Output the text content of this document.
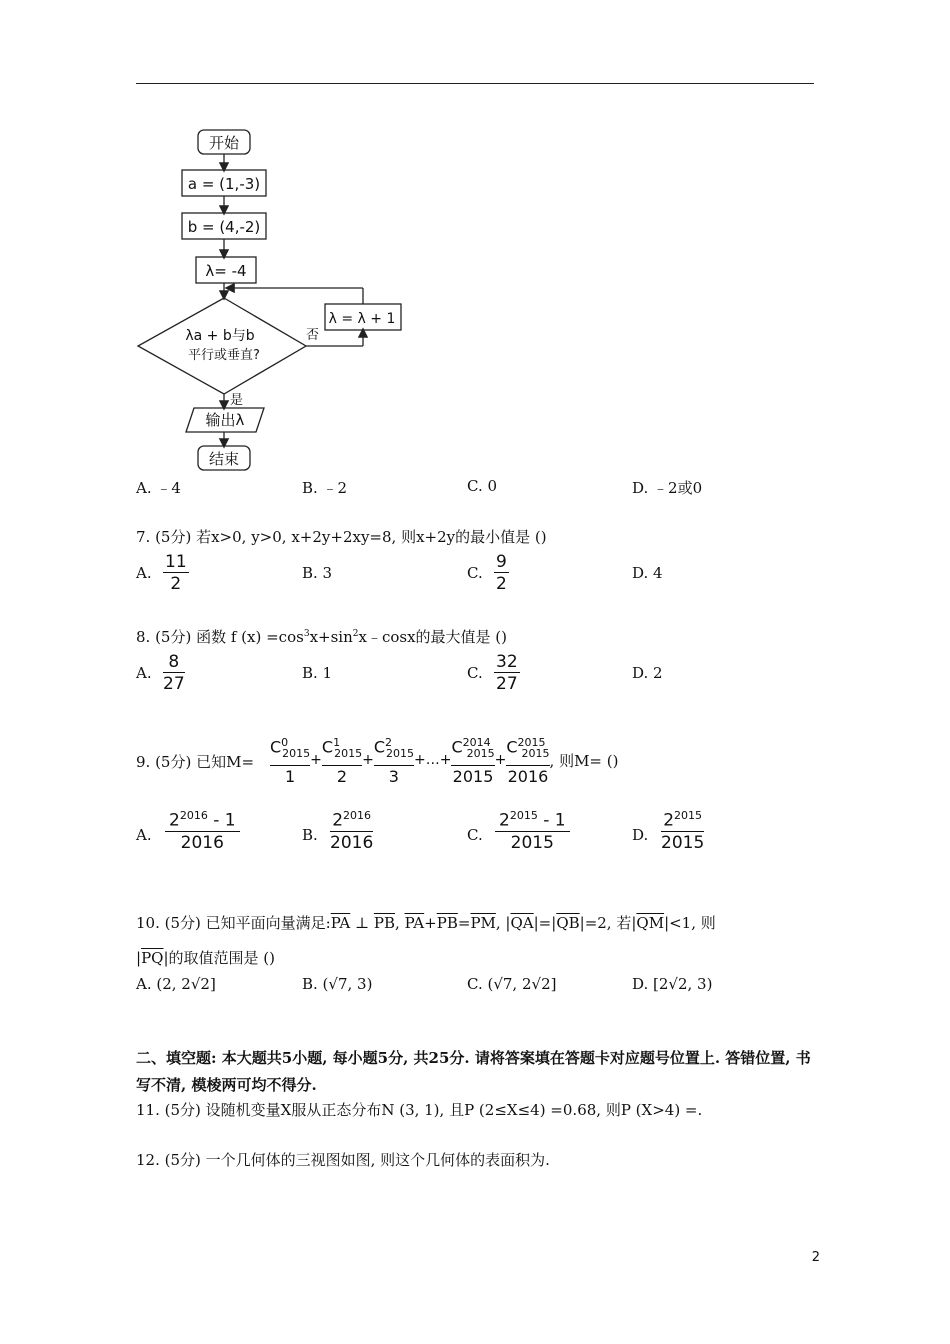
开始
a = (1,-3)
b = (4,-2)
λ= -4
λa + b与b
平行或垂直?
否
λ = λ + 1
是
输出λ
结束
A. ﹣4	B. ﹣2	C. 0	D. ﹣2或0
7. (5分) 若x>0, y>0, x+2y+2xy=8, 则x+2y的最小值是 ()
A. $\frac{11}{2}$	B. 3	C. $\frac{9}{2}$	D. 4
8. (5分) 函数 f $(x) =\cos^3x+\sin^2x﹣\cos x$的最大值是 ()
A. $\frac{8}{27}$	B. 1	C. $\frac{32}{27}$	D. 2
9. (5分) 已知M=
$C^0_{2015}$
1
+ $\frac{C^1_{2015}}{2} + \frac{C^2_{2015}}{3}$ +…+ $\frac{C^{2014}_{2015}}{2015} + \frac{C^{2015}_{2015}}{2016}$ , 则M= ()
A. $\frac{2^{2016} - 1}{2016}$	B. $\frac{2^{2016}}{2016}$	C. $\frac{2^{2015} - 1}{2015}$	D. $\frac{2^{2015}}{2015}$
10. (5分) 已知平面向量满足$:\overline{PA}$ ⊥ $\overline{PB}$, $\overline{PA}+\overline{PB}=\overline{PM}$, $|\overline{QA}|=|\overline{QB}|=2$, 若$|\overline{QM}|<1$, 则
$|\overline{PQ}|$的取值范围是 ()
A. (2, 2√2]	B. (√7, 3)	C. (√7, 2√2]	D. [2√2, 3)
二、填空题: 本大题共5小题, 每小题5分, 共25分. 请将答案填在答题卡对应题号位置上. 答错位置, 书写不清, 模棱两可均不得分.
11. (5分) 设随机变量X服从正态分布N (3, 1), 且P (2≤X≤4) =0.68, 则P (X>4) =.
12. (5分) 一个几何体的三视图如图, 则这个几何体的表面积为.
2
